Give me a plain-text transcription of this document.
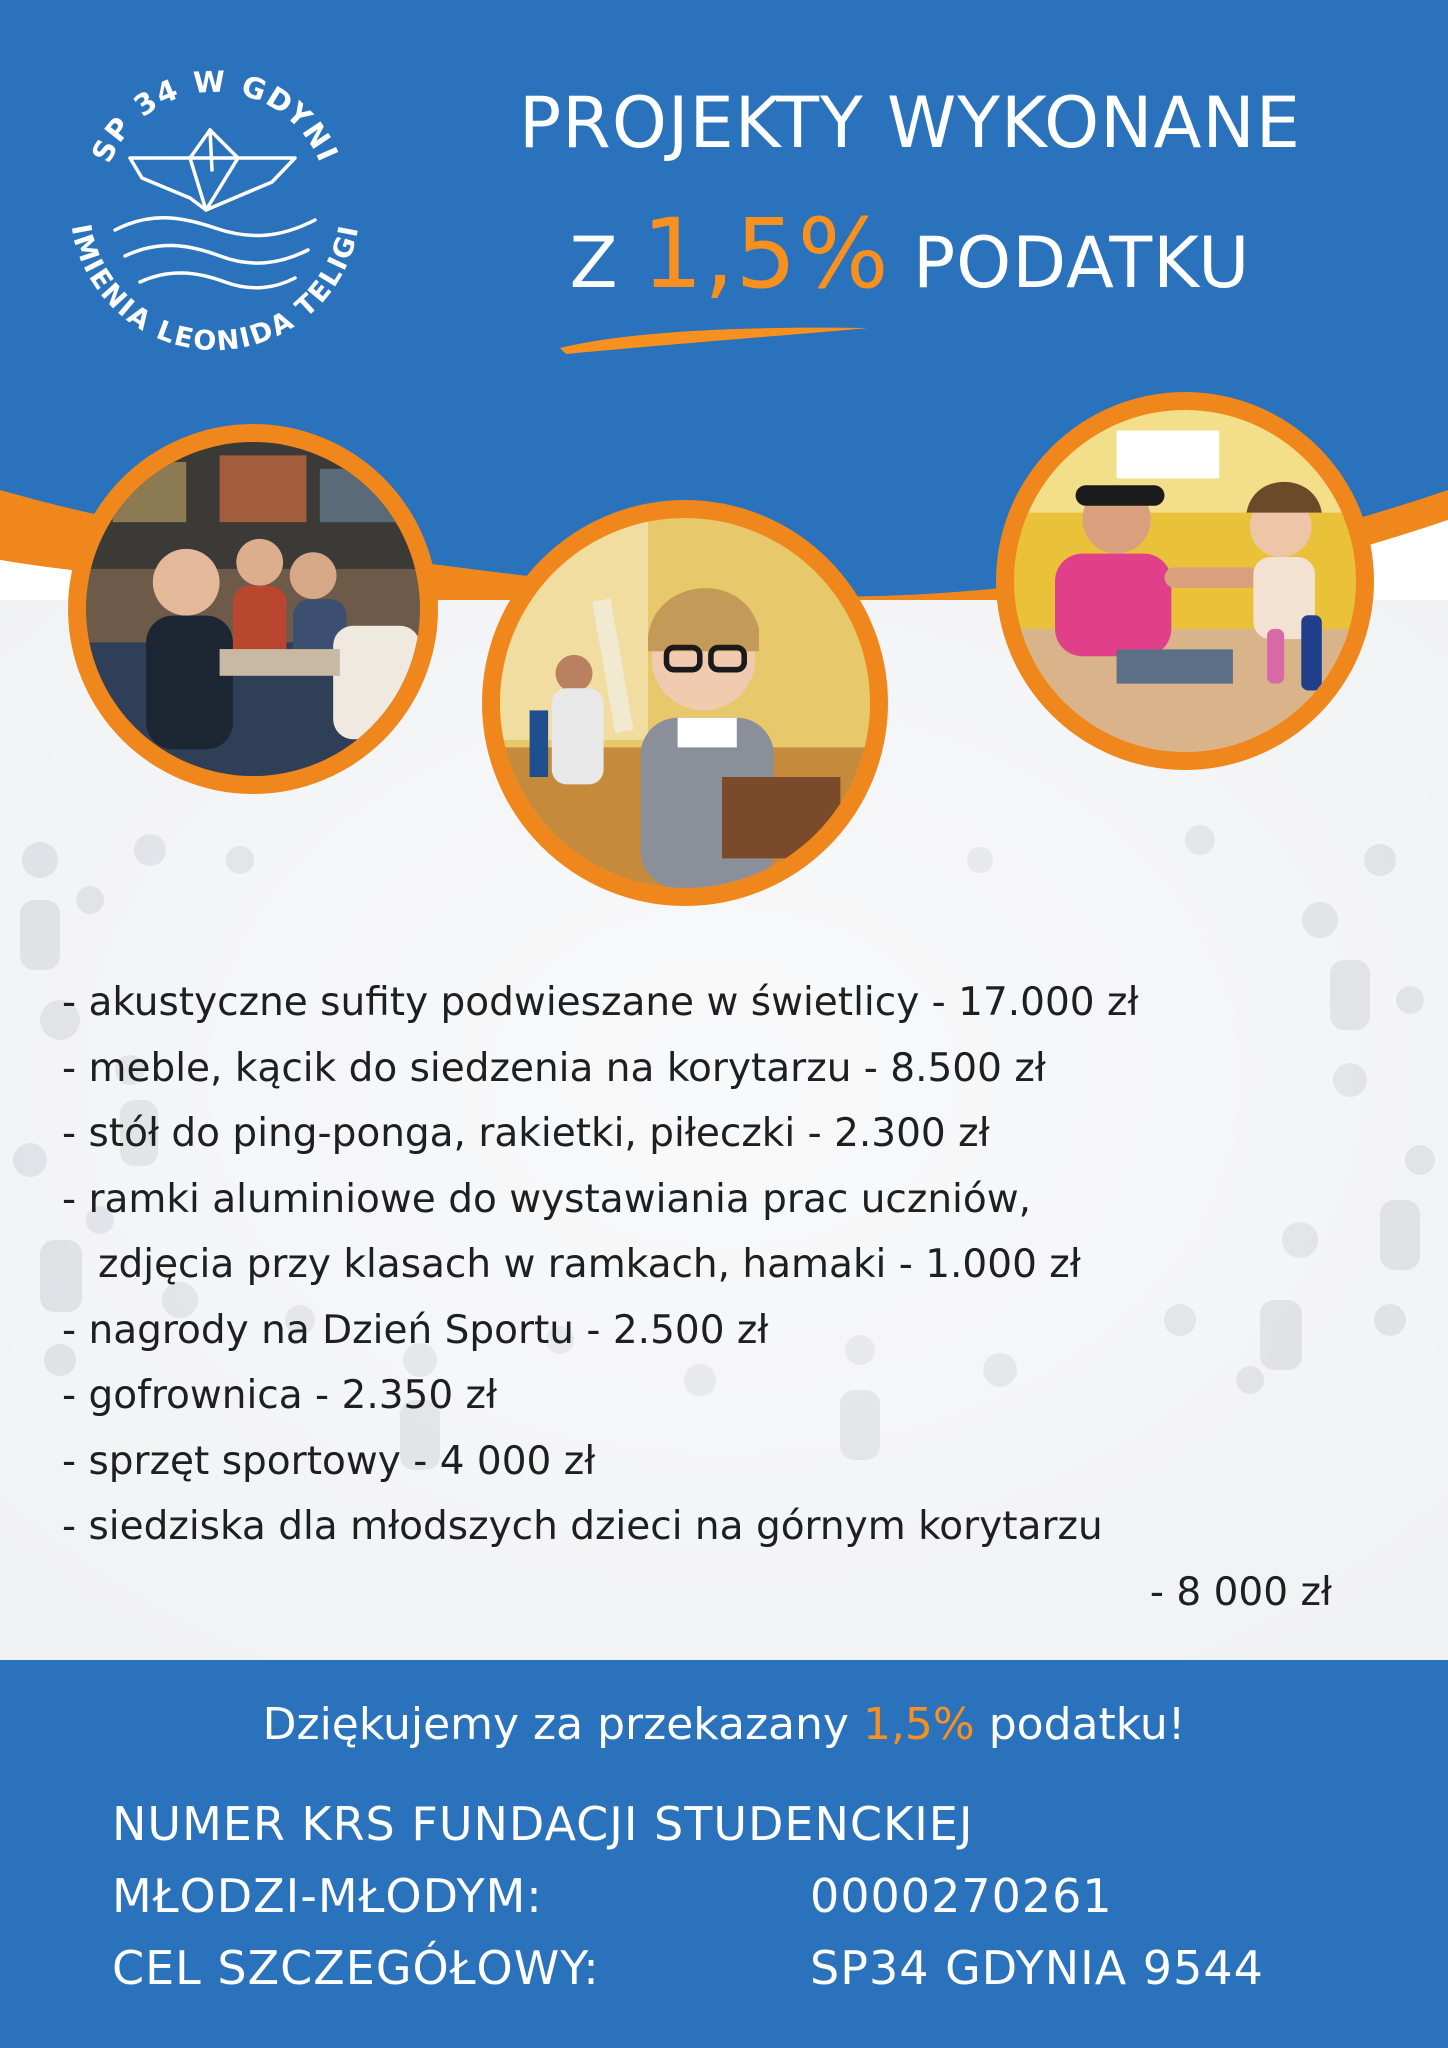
SP 34 W GDYNI
IMIENIA LEONIDA TELIGI
PROJEKTY WYKONANE
Z 1,5% PODATKU
- akustyczne sufity podwieszane w świetlicy - 17.000 zł
- meble, kącik do siedzenia na korytarzu - 8.500 zł
- stół do ping-ponga, rakietki, piłeczki - 2.300 zł
- ramki aluminiowe do wystawiania prac uczniów,
zdjęcia przy klasach w ramkach, hamaki - 1.000 zł
- nagrody na Dzień Sportu - 2.500 zł
- gofrownica - 2.350 zł
- sprzęt sportowy - 4 000 zł
- siedziska dla młodszych dzieci na górnym korytarzu
- 8 000 zł
Dziękujemy za przekazany 1,5% podatku!
NUMER KRS FUNDACJI STUDENCKIEJ
MŁODZI-MŁODYM:	0000270261
CEL SZCZEGÓŁOWY:	SP34 GDYNIA 9544
